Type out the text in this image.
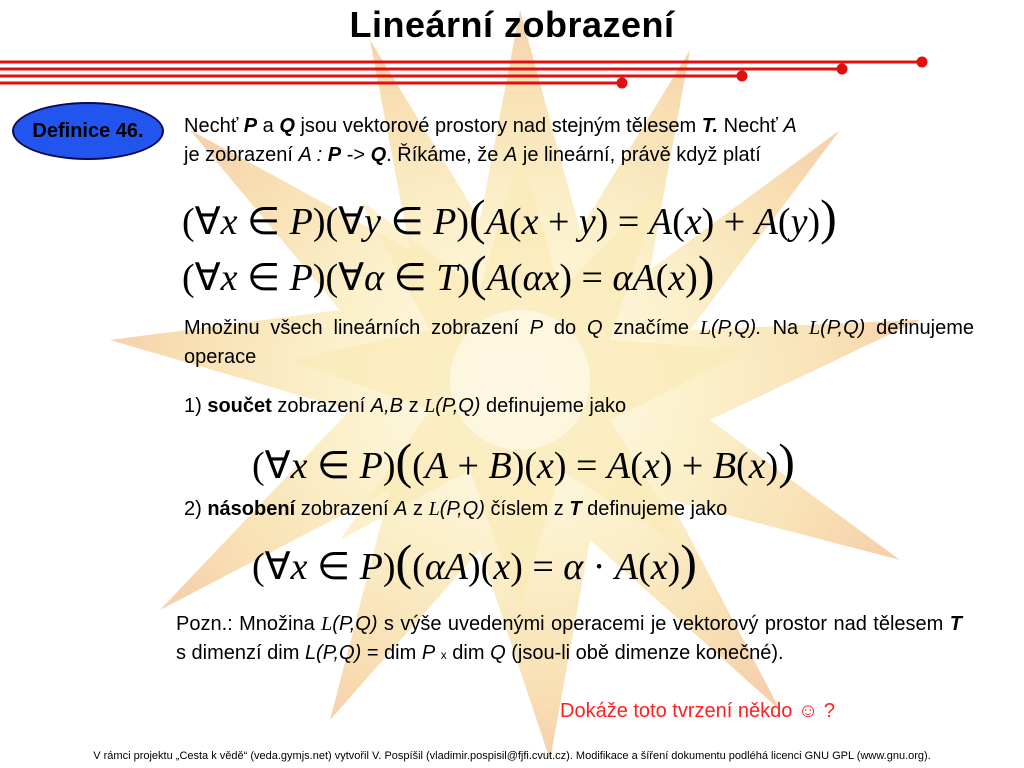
Lineární zobrazení
Definice 46.	Nechť P a Q jsou vektorové prostory nad stejným tělesem T. Nechť A
je zobrazení A : P -> Q. Říkáme, že A je lineární, právě když platí
(∀x ∈ P)(∀y ∈ P)(A(x + y) = A(x) + A(y))
(∀x ∈ P)(∀α ∈ T)(A(αx) = αA(x))
Množinu všech lineárních zobrazení P do Q značíme L(P,Q). Na L(P,Q) definujeme operace
1) součet zobrazení A,B z L(P,Q) definujeme jako
(∀x ∈ P)((A + B)(x) = A(x) + B(x))
2) násobení zobrazení A z L(P,Q) číslem z T definujeme jako
(∀x ∈ P)((αA)(x) = α · A(x))
Pozn.: Množina L(P,Q) s výše uvedenými operacemi je vektorový prostor nad tělesem T s dimenzí dim L(P,Q) = dim P x dim Q (jsou-li obě dimenze konečné).
Dokáže toto tvrzení někdo ☺ ?
V rámci projektu „Cesta k vědě“ (veda.gymjs.net) vytvořil V. Pospíšil (vladimir.pospisil@fjfi.cvut.cz). Modifikace a šíření dokumentu podléhá licenci GNU GPL (www.gnu.org).
